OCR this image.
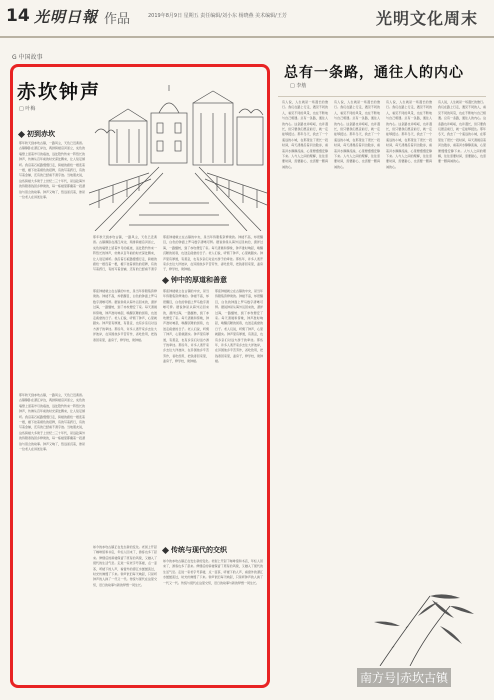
14 光明日報 作品	2019年8月9日 星期五 责任编辑/刘小东 杨晓燕 美术编辑/王芳	光明文化周末
G 中国故事
赤坎钟声
□ 叶梅
初到赤坎
那年秋天到赤坎古镇，一路风尘，天色已近黄昏。古镇静卧在潭江岸边，两排骑楼沿河而立，灰色的墙壁上留着岁月的痕迹，远处隐约传来一阵悠长的钟声，仿佛从百年前的时光深处飘来，让人驻足倾听。我沿着石板路慢慢行走，骑楼的廊柱一根连着一根，檐下挂着褪色的招牌，有的写着药行，有的写着金铺，还有的已经看不清字迹。当地朋友说，这些骑楼大多建于上世纪二三十年代，是远赴海外的侨胞寄钱回乡修建的，每一栋楼里都藏着一段漂泊与思念的故事。钟声又响了，悠远而沉着，像是一位老人在讲述往事。
那年秋天到赤坎古镇，一路风尘，天色已近黄昏。古镇静卧在潭江岸边，两排骑楼沿河而立，灰色的墙壁上留着岁月的痕迹，远处隐约传来一阵悠长的钟声，仿佛从百年前的时光深处飘来，让人驻足倾听。我沿着石板路慢慢行走，骑楼的廊柱一根连着一根，檐下挂着褪色的招牌，有的写着药行，有的写着金铺，还有的已经看不清字迹。当地朋友说，这些骑楼大多建于上世纪二三十年代，是远赴海外的侨胞寄钱回乡修建的，每一栋楼里都藏着一段漂泊与思念的故事。钟声又响了，悠远而沉着，像是一位老人在讲述往事。
那年秋天到赤坎古镇，一路风尘，天色已近黄昏。古镇静卧在潭江岸边，两排骑楼沿河而立，灰色的墙壁上留着岁月的痕迹，远处隐约传来一阵悠长的钟声，仿佛从百年前的时光深处飘来，让人驻足倾听。我沿着石板路慢慢行走，骑楼的廊柱一根连着一根，檐下挂着褪色的招牌，有的写着药行，有的写着金铺，还有的已经看不清字
那座钟楼就立在古镇的中央，是当年侨胞集资修建的。钟楼不高，却很醒目，白色的钟面上罗马数字清晰可辨。据说钟是从海外运回来的，漂洋过海，一路辗转，到了赤坎便安了家。每天清晨和傍晚，钟声准时响起，唤醒沉睡的街巷，也送走疲惫的日子。老人们说，听惯了钟声，心里就踏实。钟声里有厚道，有善意，也有乡亲们对远方游子的牵挂。那些年，许多人离开家乡去往大洋彼岸，在异国他乡辛苦劳作，省吃俭用，把钱寄回家里，盖房子，修学校，建钟楼。
钟中的厚道和善意
那座钟楼就立在古镇的中央，是当年侨胞集资修建的。钟楼不高，却很醒目，白色的钟面上罗马数字清晰可辨。据说钟是从海外运回来的，漂洋过海，一路辗转，到了赤坎便安了家。每天清晨和傍晚，钟声准时响起，唤醒沉睡的街巷，也送走疲惫的日子。老人们说，听惯了钟声，心里就踏实。钟声里有厚道，有善意，也有乡亲们对远方游子的牵挂。那些年，许多人离开家乡去往大洋彼岸，在异国他乡辛苦劳作，省吃俭用，把钱寄回家里，盖房子，修学校，建钟楼。
那座钟楼就立在古镇的中央，是当年侨胞集资修建的。钟楼不高，却很醒目，白色的钟面上罗马数字清晰可辨。据说钟是从海外运回来的，漂洋过海，一路辗转，到了赤坎便安了家。每天清晨和傍晚，钟声准时响起，唤醒沉睡的街巷，也送走疲惫的日子。老人们说，听惯了钟声，心里就踏实。钟声里有厚道，有善意，也有乡亲们对远方游子的牵挂。那些年，许多人离开家乡去往大洋彼岸，在异国他乡辛苦劳作，省吃俭用，把钱寄回家里，盖房子，修学校，建钟楼。
那座钟楼就立在古镇的中央，是当年侨胞集资修建的。钟楼不高，却很醒目，白色的钟面上罗马数字清晰可辨。据说钟是从海外运回来的，漂洋过海，一路辗转，到了赤坎便安了家。每天清晨和傍晚，钟声准时响起，唤醒沉睡的街巷，也送走疲惫的日子。老人们说，听惯了钟声，心里就踏实。钟声里有厚道，有善意，也有乡亲们对远方游子的牵挂。那些年，许多人离开家乡去往大洋彼岸，在异国他乡辛苦劳作，省吃俭用，把钱寄回家里，盖房子，修学校，建钟楼。
传统与现代的交织
如今的赤坎古镇正在发生新的变化。老街上开起了咖啡馆和书店，年轻人回来了，游客也多了起来。修缮后的骑楼保留了原有的风貌，又融入了现代的生活气息。走进一家老字号茶楼，点一壶茶，听楼下的人声，看窗外的潭江水缓缓流过，时光仿佛慢了下来。钟声依旧每天响起，只是听钟声的人换了一代又一代。传统与现代在这里交织，旧日的故事与新的梦想一同生长。
如今的赤坎古镇正在发生新的变化。老街上开起了咖啡馆和书店，年轻人回来了，游客也多了起来。修缮后的骑楼保留了原有的风貌，又融入了现代的生活气息。走进一家老字号茶楼，点一壶茶，听楼下的人声，看窗外的潭江水缓缓流过，时光仿佛慢了下来。钟声依旧每天响起，只是听钟声的人换了一代又一代。传统与现代在这里交织，旧日的故事与新的梦想一同生长。
总有一条路，通往人的内心
□ 李舫
有人说，人生就是一场漫长的旅行。我们在路上行走，遇见不同的人，看见不同的风景，也在不断地与自己相遇。总有一条路，通往人的内心。这条路也许崎岖，也许漫长，但只要我们愿意前行，就一定能够抵达。那年冬天，我去了一个遥远的小城，在那里住了很长一段时间，每天清晨沿着河边散步，看着河水静静流淌，心里便慢慢安静下来。人与人之间的理解，往往需要时间，需要耐心，也需要一颗真诚的心。
有人说，人生就是一场漫长的旅行。我们在路上行走，遇见不同的人，看见不同的风景，也在不断地与自己相遇。总有一条路，通往人的内心。这条路也许崎岖，也许漫长，但只要我们愿意前行，就一定能够抵达。那年冬天，我去了一个遥远的小城，在那里住了很长一段时间，每天清晨沿着河边散步，看着河水静静流淌，心里便慢慢安静下来。人与人之间的理解，往往需要时间，需要耐心，也需要一颗真诚的心。
有人说，人生就是一场漫长的旅行。我们在路上行走，遇见不同的人，看见不同的风景，也在不断地与自己相遇。总有一条路，通往人的内心。这条路也许崎岖，也许漫长，但只要我们愿意前行，就一定能够抵达。那年冬天，我去了一个遥远的小城，在那里住了很长一段时间，每天清晨沿着河边散步，看着河水静静流淌，心里便慢慢安静下来。人与人之间的理解，往往需要时间，需要耐心，也需要一颗真诚的心。
有人说，人生就是一场漫长的旅行。我们在路上行走，遇见不同的人，看见不同的风景，也在不断地与自己相遇。总有一条路，通往人的内心。这条路也许崎岖，也许漫长，但只要我们愿意前行，就一定能够抵达。那年冬天，我去了一个遥远的小城，在那里住了很长一段时间，每天清晨沿着河边散步，看着河水静静流淌，心里便慢慢安静下来。人与人之间的理解，往往需要时间，需要耐心，也需要一颗真诚的心。
南方号|赤坎古镇
